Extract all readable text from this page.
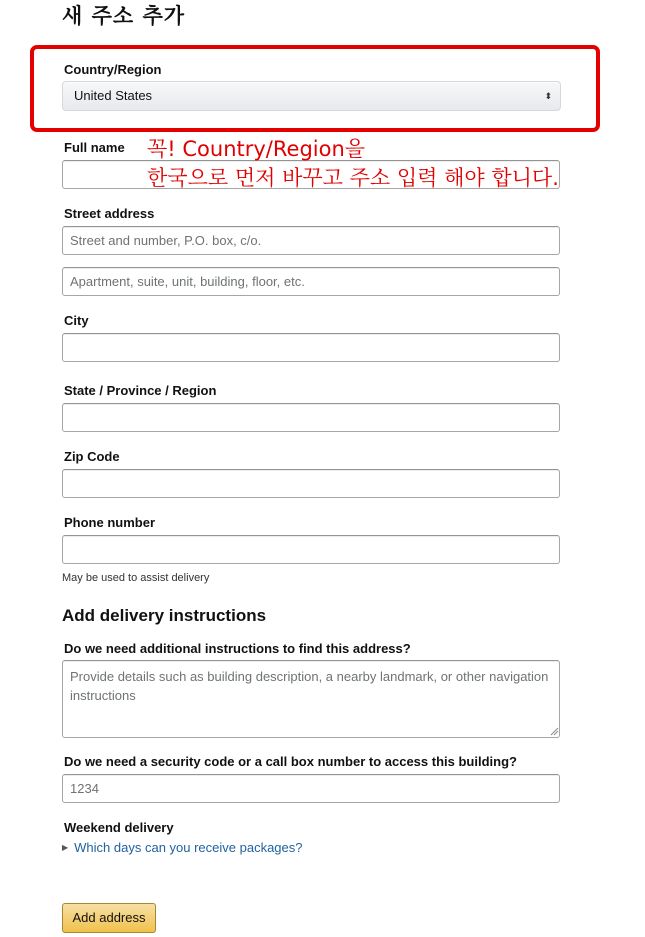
새 주소 추가
Country/Region
United States	⬍
Full name 꼭! Country/Region을
한국으로 먼저 바꾸고 주소 입력 해야 합니다.
Street address
Street and number, P.O. box, c/o.
Apartment, suite, unit, building, floor, etc.
City
State / Province / Region
Zip Code
Phone number
May be used to assist delivery
Add delivery instructions
Do we need additional instructions to find this address?
Provide details such as building description, a nearby landmark, or other navigation instructions
Do we need a security code or a call box number to access this building?
1234
Weekend delivery
▶ Which days can you receive packages?
Add address
